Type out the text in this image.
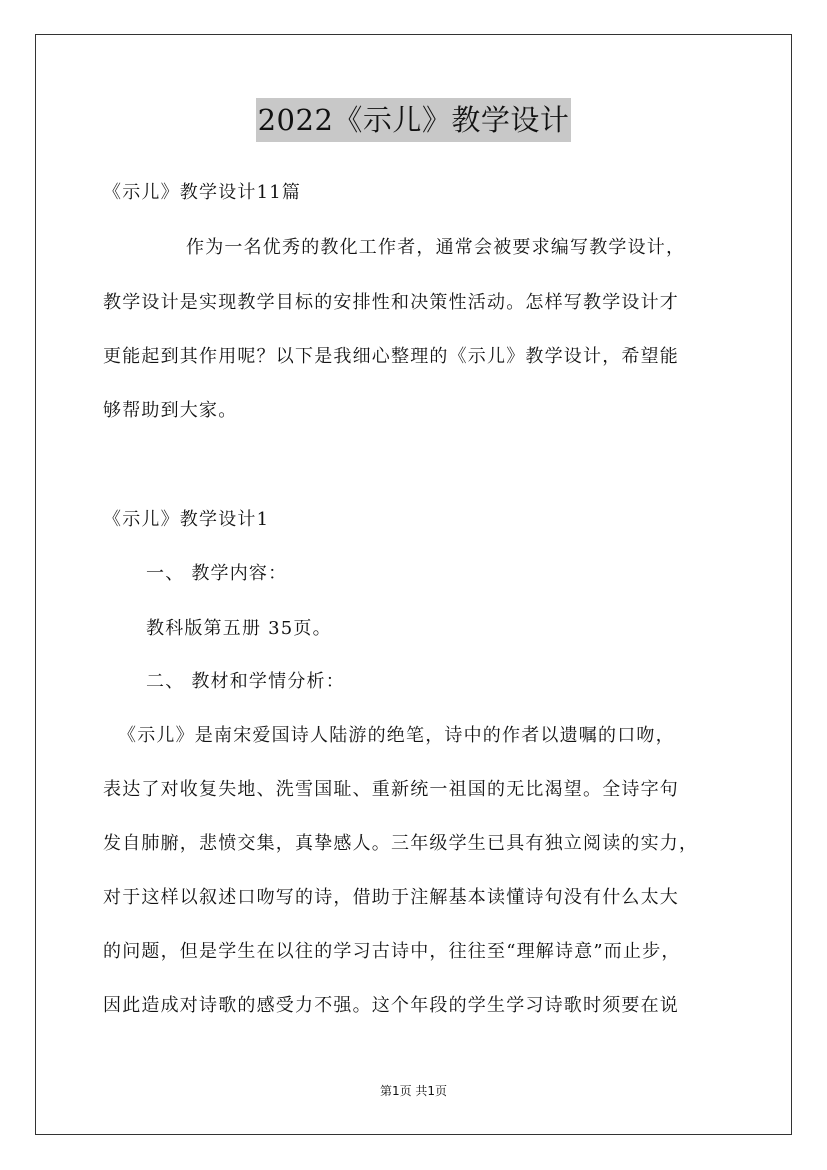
2022《示儿》教学设计
《示儿》教学设计11篇
作为一名优秀的教化工作者，通常会被要求编写教学设计，
教学设计是实现教学目标的安排性和决策性活动。怎样写教学设计才
更能起到其作用呢？以下是我细心整理的《示儿》教学设计，希望能
够帮助到大家。
《示儿》教学设计1
一、 教学内容：
教科版第五册 35页。
二、 教材和学情分析：
《示儿》是南宋爱国诗人陆游的绝笔，诗中的作者以遗嘱的口吻，
表达了对收复失地、洗雪国耻、重新统一祖国的无比渴望。全诗字句
发自肺腑，悲愤交集，真挚感人。三年级学生已具有独立阅读的实力，
对于这样以叙述口吻写的诗，借助于注解基本读懂诗句没有什么太大
的问题，但是学生在以往的学习古诗中，往往至“理解诗意”而止步，
因此造成对诗歌的感受力不强。这个年段的学生学习诗歌时须要在说
第1页 共1页
